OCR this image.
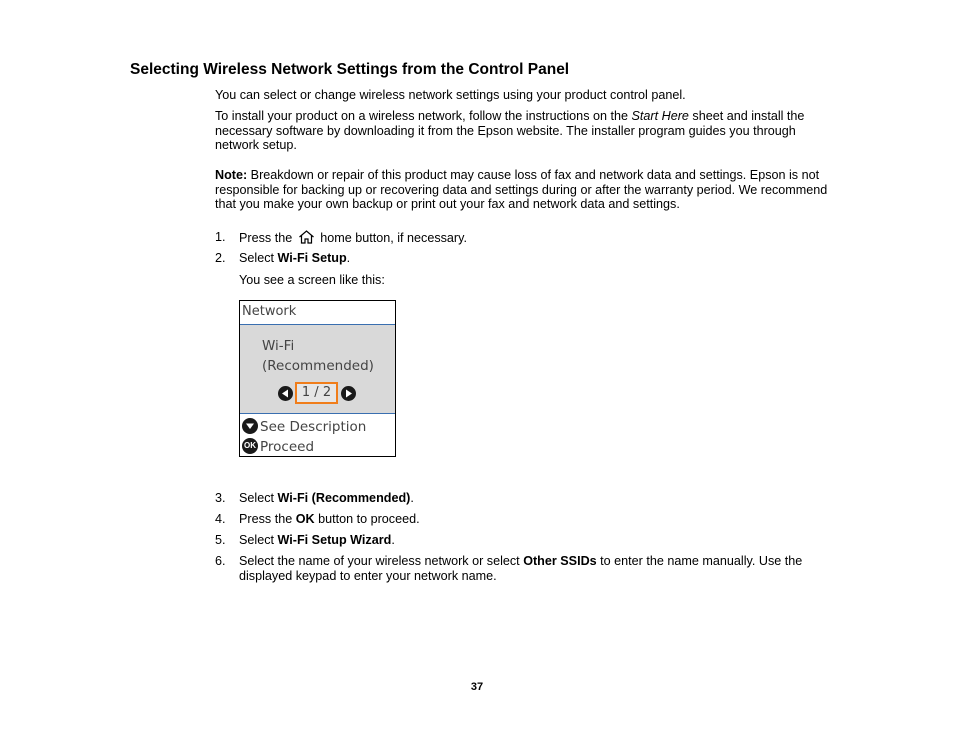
Selecting Wireless Network Settings from the Control Panel

You can select or change wireless network settings using your product control panel.

To install your product on a wireless network, follow the instructions on the Start Here sheet and install the necessary software by downloading it from the Epson website. The installer program guides you through network setup.

Note: Breakdown or repair of this product may cause loss of fax and network data and settings. Epson is not responsible for backing up or recovering data and settings during or after the warranty period. We recommend that you make your own backup or print out your fax and network data and settings.

1. Press the  home button, if necessary.
2. Select Wi-Fi Setup.
You see a screen like this:
Network
Wi-Fi
(Recommended)
1 / 2
See Description
OK Proceed
3. Select Wi-Fi (Recommended).
4. Press the OK button to proceed.
5. Select Wi-Fi Setup Wizard.
6. Select the name of your wireless network or select Other SSIDs to enter the name manually. Use the displayed keypad to enter your network name.
37
